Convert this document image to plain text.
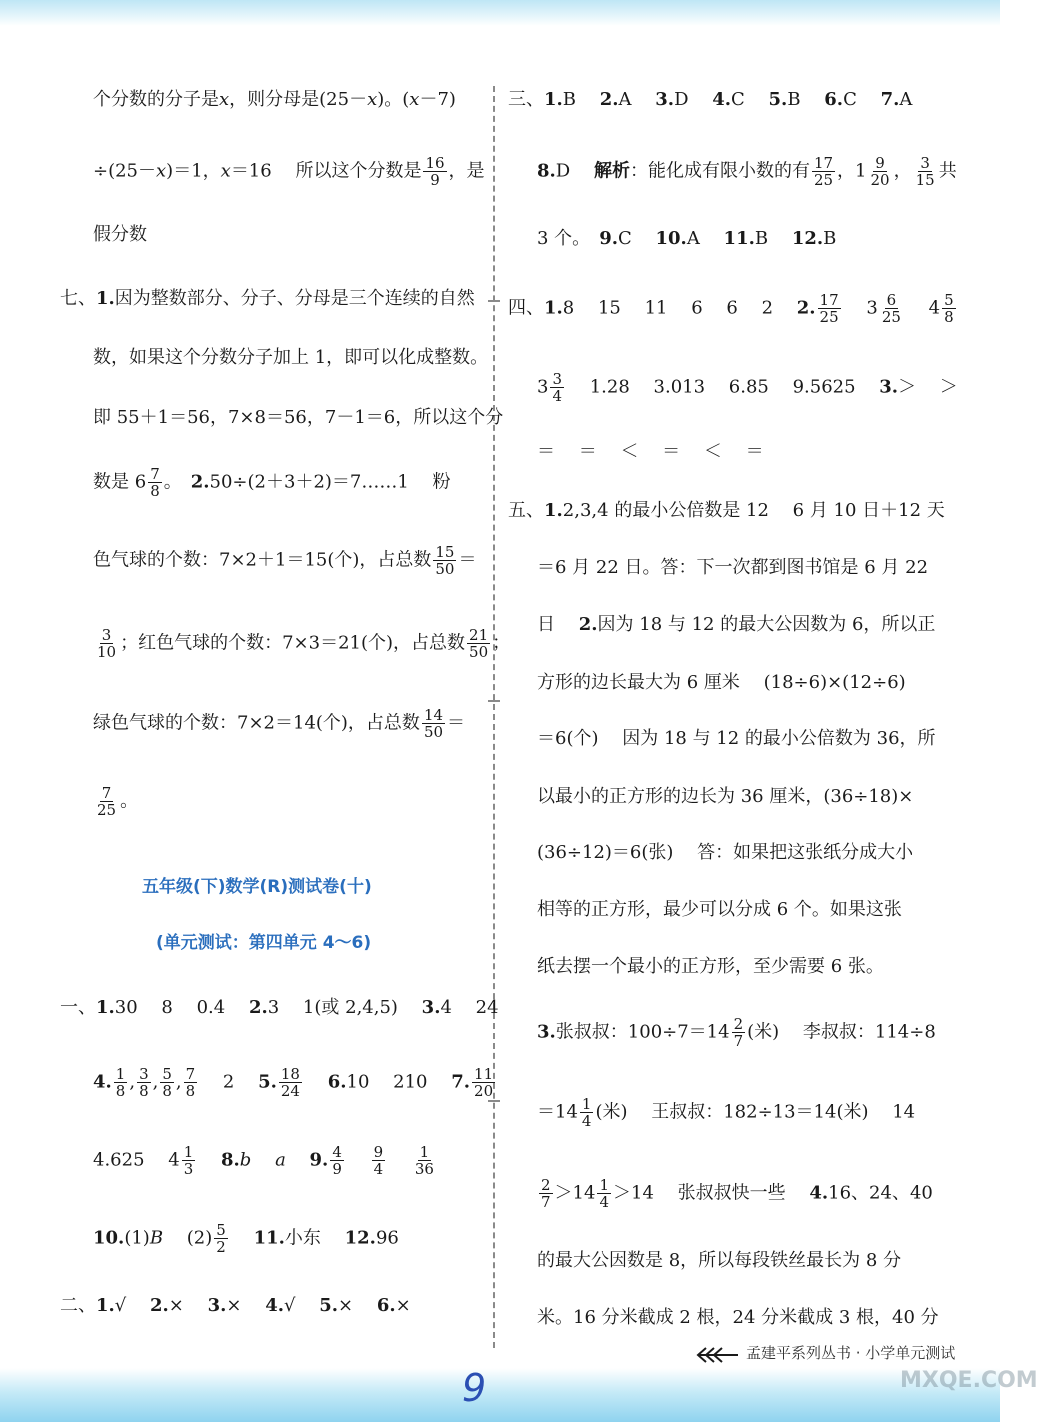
个分数的分子是x，则分母是(25－x)。(x－7)
÷(25－x)＝1，x＝16　 所以这个分数是 $\frac{16}{9}$ ，是
假分数
七、1.因为整数部分、分子、分母是三个连续的自然
数，如果这个分数分子加上 1，即可以化成整数。
即 55＋1＝56，7×8＝56，7－1＝6，所以这个分
数是 $6 \frac{7}{8}$ 。　2.50÷(2＋3＋2)＝7……1　 粉
色气球的个数：7×2＋1＝15(个)，占总数 $\frac{15}{50}$ ＝
$\frac{3}{10}$ ；红色气球的个数：7×3＝21(个)，占总数 $\frac{21}{50}$ ；
绿色气球的个数：7×2＝14(个)，占总数 $\frac{14}{50}$ ＝
$\frac{7}{25}$ 。
五年级(下)数学(R)测试卷(十)
(单元测试：第四单元 4～6)
一、1.30　 8　 0.4　 2.3　 1(或 2,4,5)　 3.4　 24
4. $\frac{1}{8}$ , $\frac{3}{8}$ , $\frac{5}{8}$ , $\frac{7}{8}$ 　 2　 5. $\frac{18}{24}$
　 6.10　 210　 7. $\frac{11}{20}$
4.625　 $4 \frac{1}{3}$
　 8.b　 a　 9. $\frac{4}{9}$
　 $\frac{9}{4}$
　 $\frac{1}{36}$
10.(1)B　 $(2) \frac{5}{2}$
　 11.小东　 12.96
二、1.√　 2.×　 3.×　 4.√　 5.×　 6.×
三、1.B　 2.A　 3.D　 4.C　 5.B　 6.C　 7.A
8.D　 解析：能化成有限小数的有 $\frac{17}{25}$ ，$1 \frac{9}{20}$ ， $\frac{3}{15}$ 共
3 个。　9.C　 10.A　 11.B　 12.B
四、1.8　 15　 11　 6　 6　 2　 2. $\frac{17}{25}$ 　 $3 \frac{6}{25}$ 　 $4 \frac{5}{8}$
$3 \frac{3}{4}$ 　 1.28　 3.013　 6.85　 9.5625　 3.＞　 ＞
＝　 ＝　 ＜　 ＝　 ＜　 ＝
五、1.2,3,4 的最小公倍数是 12　 6 月 10 日＋12 天
＝6 月 22 日。答：下一次都到图书馆是 6 月 22
日　 2.因为 18 与 12 的最大公因数为 6，所以正
方形的边长最大为 6 厘米　 (18÷6)×(12÷6)
＝6(个)　 因为 18 与 12 的最小公倍数为 36，所
以最小的正方形的边长为 36 厘米，(36÷18)×
(36÷12)＝6(张)　 答：如果把这张纸分成大小
相等的正方形，最少可以分成 6 个。如果这张
纸去摆一个最小的正方形，至少需要 6 张。
3.张叔叔：$100\div 7=14 \frac{2}{7}$ (米)　 李叔叔：114÷8
$=14 \frac{1}{4}$ (米)　 王叔叔：182÷13＝14(米)　 14
$\frac{2}{7} >14 \frac{1}{4} >14$　 张叔叔快一些　 4.16、24、40
的最大公因数是 8，所以每段铁丝最长为 8 分
米。16 分米截成 2 根，24 分米截成 3 根，40 分
孟建平系列丛书 · 小学单元测试
9	MXQE.COM
